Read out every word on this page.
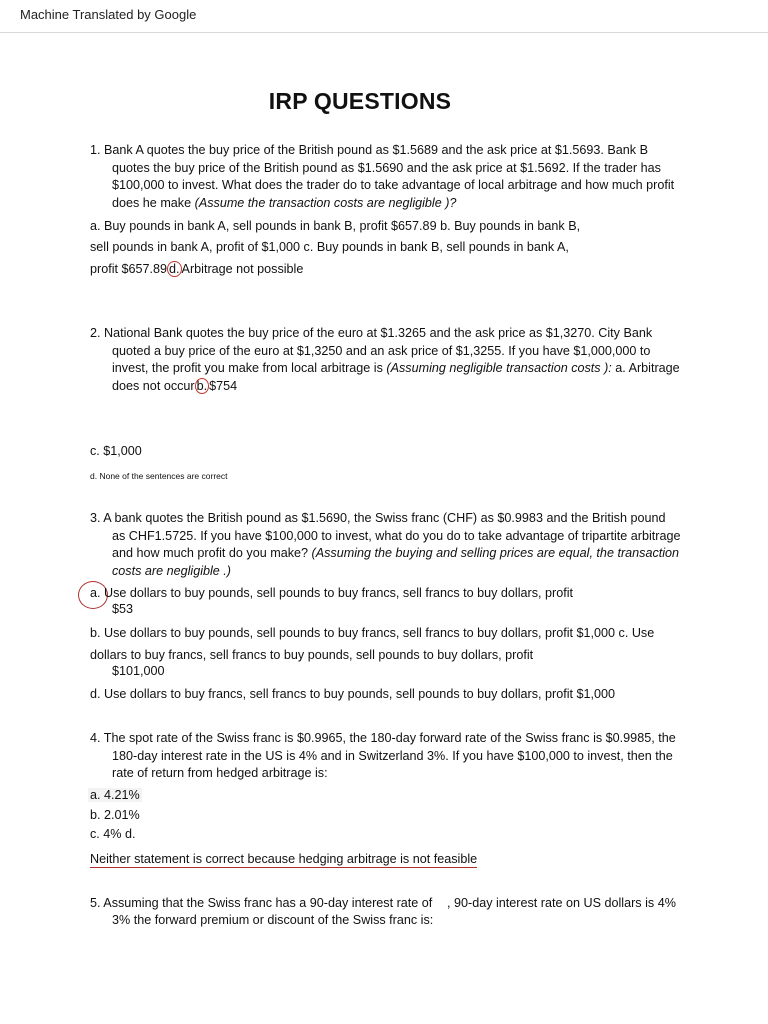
Machine Translated by Google
IRP QUESTIONS
1. Bank A quotes the buy price of the British pound as $1.5689 and the ask price at $1.5693. Bank B
quotes the buy price of the British pound as $1.5690 and the ask price at $1.5692. If the trader has
$100,000 to invest. What does the trader do to take advantage of local arbitrage and how much profit
does he make (Assume the transaction costs are negligible )?
a. Buy pounds in bank A, sell pounds in bank B, profit $657.89 b. Buy pounds in bank B,
sell pounds in bank A, profit of $1,000 c. Buy pounds in bank B, sell pounds in bank A,
profit $657.89 d. Arbitrage not possible
2. National Bank quotes the buy price of the euro at $1.3265 and the ask price as $1,3270. City Bank
quoted a buy price of the euro at $1,3250 and an ask price of $1,3255. If you have $1,000,000 to
invest, the profit you make from local arbitrage is (Assuming negligible transaction costs ): a. Arbitrage
does not occur b. $754
c. $1,000
d. None of the sentences are correct
3. A bank quotes the British pound as $1.5690, the Swiss franc (CHF) as $0.9983 and the British pound
as CHF1.5725. If you have $100,000 to invest, what do you do to take advantage of tripartite arbitrage
and how much profit do you make? (Assuming the buying and selling prices are equal, the transaction
costs are negligible .)
a. Use dollars to buy pounds, sell pounds to buy francs, sell francs to buy dollars, profit
$53
b. Use dollars to buy pounds, sell pounds to buy francs, sell francs to buy dollars, profit $1,000 c. Use
dollars to buy francs, sell francs to buy pounds, sell pounds to buy dollars, profit
$101,000
d. Use dollars to buy francs, sell francs to buy pounds, sell pounds to buy dollars, profit $1,000
4. The spot rate of the Swiss franc is $0.9965, the 180-day forward rate of the Swiss franc is $0.9985, the
180-day interest rate in the US is 4% and in Switzerland 3%. If you have $100,000 to invest, then the
rate of return from hedged arbitrage is:
a. 4.21%
b. 2.01%
c. 4% d.
Neither statement is correct because hedging arbitrage is not feasible
5. Assuming that the Swiss franc has a 90-day interest rate of , 90-day interest rate on US dollars is 4%
3% the forward premium or discount of the Swiss franc is:
